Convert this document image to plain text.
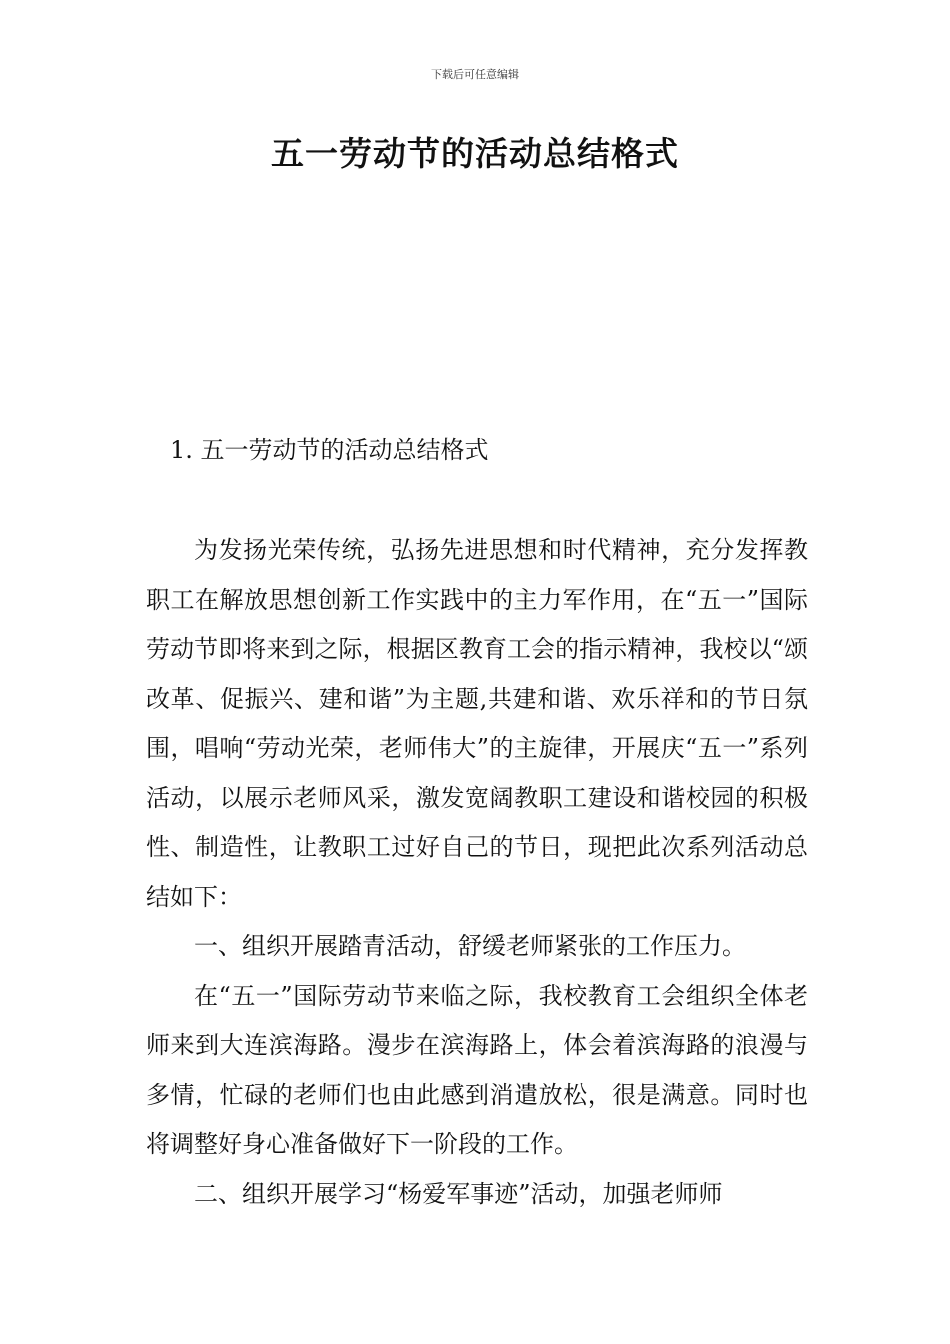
下载后可任意编辑
五一劳动节的活动总结格式
1. 五一劳动节的活动总结格式

为发扬光荣传统，弘扬先进思想和时代精神，充分发挥教职工在解放思想创新工作实践中的主力军作用，在“五一”国际劳动节即将来到之际，根据区教育工会的指示精神，我校以“颂改革、促振兴、建和谐”为主题,共建和谐、欢乐祥和的节日氛围，唱响“劳动光荣，老师伟大”的主旋律，开展庆“五一”系列活动，以展示老师风采，激发宽阔教职工建设和谐校园的积极性、制造性，让教职工过好自己的节日，现把此次系列活动总结如下：

一、组织开展踏青活动，舒缓老师紧张的工作压力。

在“五一”国际劳动节来临之际，我校教育工会组织全体老师来到大连滨海路。漫步在滨海路上，体会着滨海路的浪漫与多情，忙碌的老师们也由此感到消遣放松，很是满意。同时也将调整好身心准备做好下一阶段的工作。

二、组织开展学习“杨爱军事迹”活动，加强老师师
